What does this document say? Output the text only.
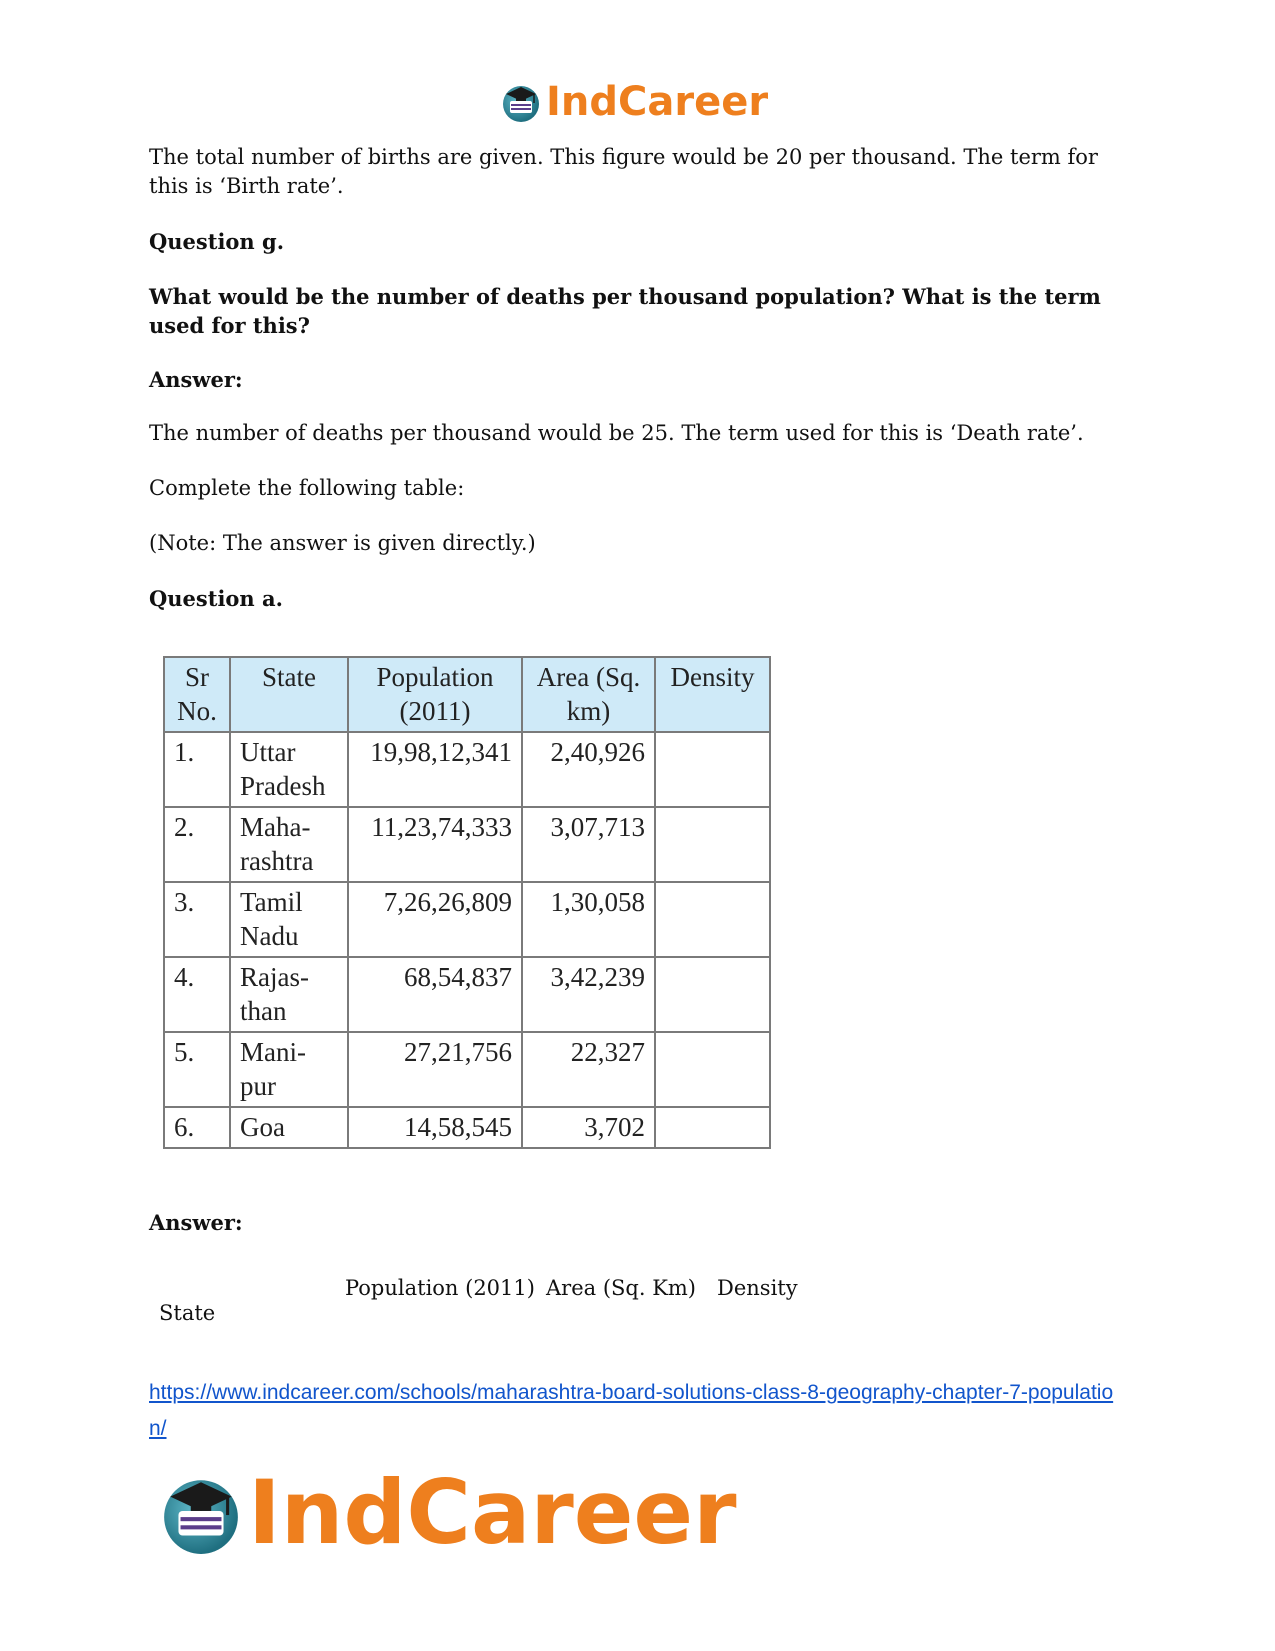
IndCareer

The total number of births are given. This figure would be 20 per thousand. The term for this is ‘Birth rate’.

Question g.

What would be the number of deaths per thousand population? What is the term used for this?

Answer:

The number of deaths per thousand would be 25. The term used for this is ‘Death rate’.

Complete the following table:

(Note: The answer is given directly.)

Question a.

Sr No.	State	Population (2011)	Area (Sq. km)	Density
1.	Uttar Pradesh	19,98,12,341	2,40,926	
2.	Maha-rashtra	11,23,74,333	3,07,713	
3.	Tamil Nadu	7,26,26,809	1,30,058	
4.	Rajas-than	68,54,837	3,42,239	
5.	Mani-pur	27,21,756	22,327	
6.	Goa	14,58,545	3,702	

Answer:

Population (2011) Area (Sq. Km) Density
State
https://www.indcareer.com/schools/maharashtra-board-solutions-class-8-geography-chapter-7-population/
IndCareer
